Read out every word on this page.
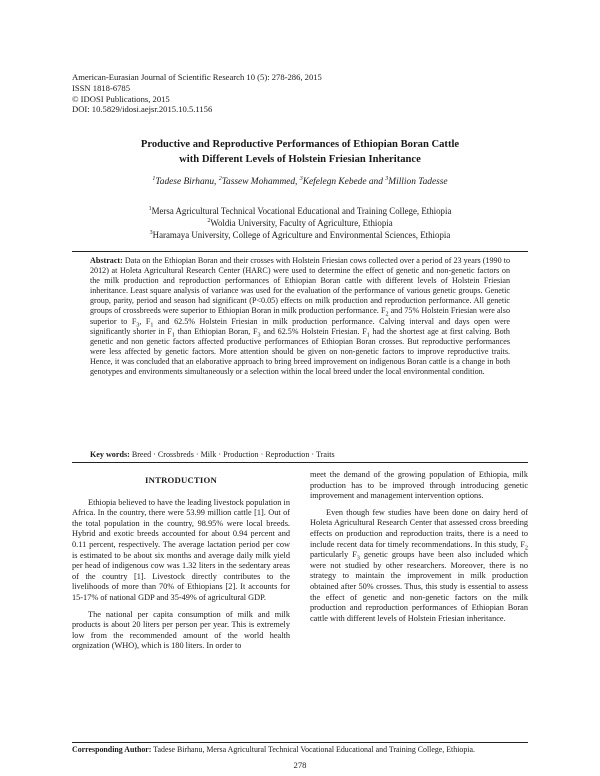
American-Eurasian Journal of Scientific Research 10 (5): 278-286, 2015
ISSN 1818-6785
© IDOSI Publications, 2015
DOI: 10.5829/idosi.aejsr.2015.10.5.1156
Productive and Reproductive Performances of Ethiopian Boran Cattle
with Different Levels of Holstein Friesian Inheritance
$^1$Tadese Birhanu, $^2$Tassew Mohammed, $^3$Kefelegn Kebede and $^3$Million Tadesse
$^1$Mersa Agricultural Technical Vocational Educational and Training College, Ethiopia
$^2$Woldia University, Faculty of Agriculture, Ethiopia
$^3$Haramaya University, College of Agriculture and Environmental Sciences, Ethiopia
Abstract: Data on the Ethiopian Boran and their crosses with Holstein Friesian cows collected over a period of 23 years (1990 to 2012) at Holeta Agricultural Research Center (HARC) were used to determine the effect of genetic and non-genetic factors on the milk production and reproduction performances of Ethiopian Boran cattle with different levels of Holstein Friesian inheritance. Least square analysis of variance was used for the evaluation of the performance of various genetic groups. Genetic group, parity, period and season had significant (P<0.05) effects on milk production and reproduction performance. All genetic groups of crossbreeds were superior to Ethiopian Boran in milk production performance. $F_2$ and 75% Holstein Friesian were also superior to $F_3$, $F_1$ and 62.5% Holstein Friesian in milk production performance. Calving interval and days open were significantly shorter in $F_1$ than Ethiopian Boran, $F_3$ and 62.5% Holstein Friesian. $F_1$ had the shortest age at first calving. Both genetic and non genetic factors affected productive performances of Ethiopian Boran crosses. But reproductive performances were less affected by genetic factors. More attention should be given on non-genetic factors to improve reproductive traits. Hence, it was concluded that an elaborative approach to bring breed improvement on indigenous Boran cattle is a change in both genotypes and environments simultaneously or a selection within the local breed under the local environmental condition.
Key words: Breed · Crossbreds · Milk · Production · Reproduction · Traits
INTRODUCTION

Ethiopia believed to have the leading livestock population in Africa. In the country, there were 53.99 million cattle [1]. Out of the total population in the country, 98.95% were local breeds. Hybrid and exotic breeds accounted for about 0.94 percent and 0.11 percent, respectively. The average lactation period per cow is estimated to be about six months and average daily milk yield per head of indigenous cow was 1.32 liters in the sedentary areas of the country [1]. Livestock directly contributes to the livelihoods of more than 70% of Ethiopians [2]. It accounts for 15-17% of national GDP and 35-49% of agricultural GDP.

The national per capita consumption of milk and milk products is about 20 liters per person per year. This is extremely low from the recommended amount of the world health orgnization (WHO), which is 180 liters. In order to

meet the demand of the growing population of Ethiopia, milk production has to be improved through introducing genetic improvement and management intervention options.

Even though few studies have been done on dairy herd of Holeta Agricultural Research Center that assessed cross breeding effects on production and reproduction traits, there is a need to include recent data for timely recommendations. In this study, $F_2$ particularly $F_3$ genetic groups have been also included which were not studied by other researchers. Moreover, there is no strategy to maintain the improvement in milk production obtained after 50% crosses. Thus, this study is essential to assess the effect of genetic and non-genetic factors on the milk production and reproduction performances of Ethiopian Boran cattle with different levels of Holstein Friesian inheritance.

Corresponding Author: Tadese Birhanu, Mersa Agricultural Technical Vocational Educational and Training College, Ethiopia.
278
